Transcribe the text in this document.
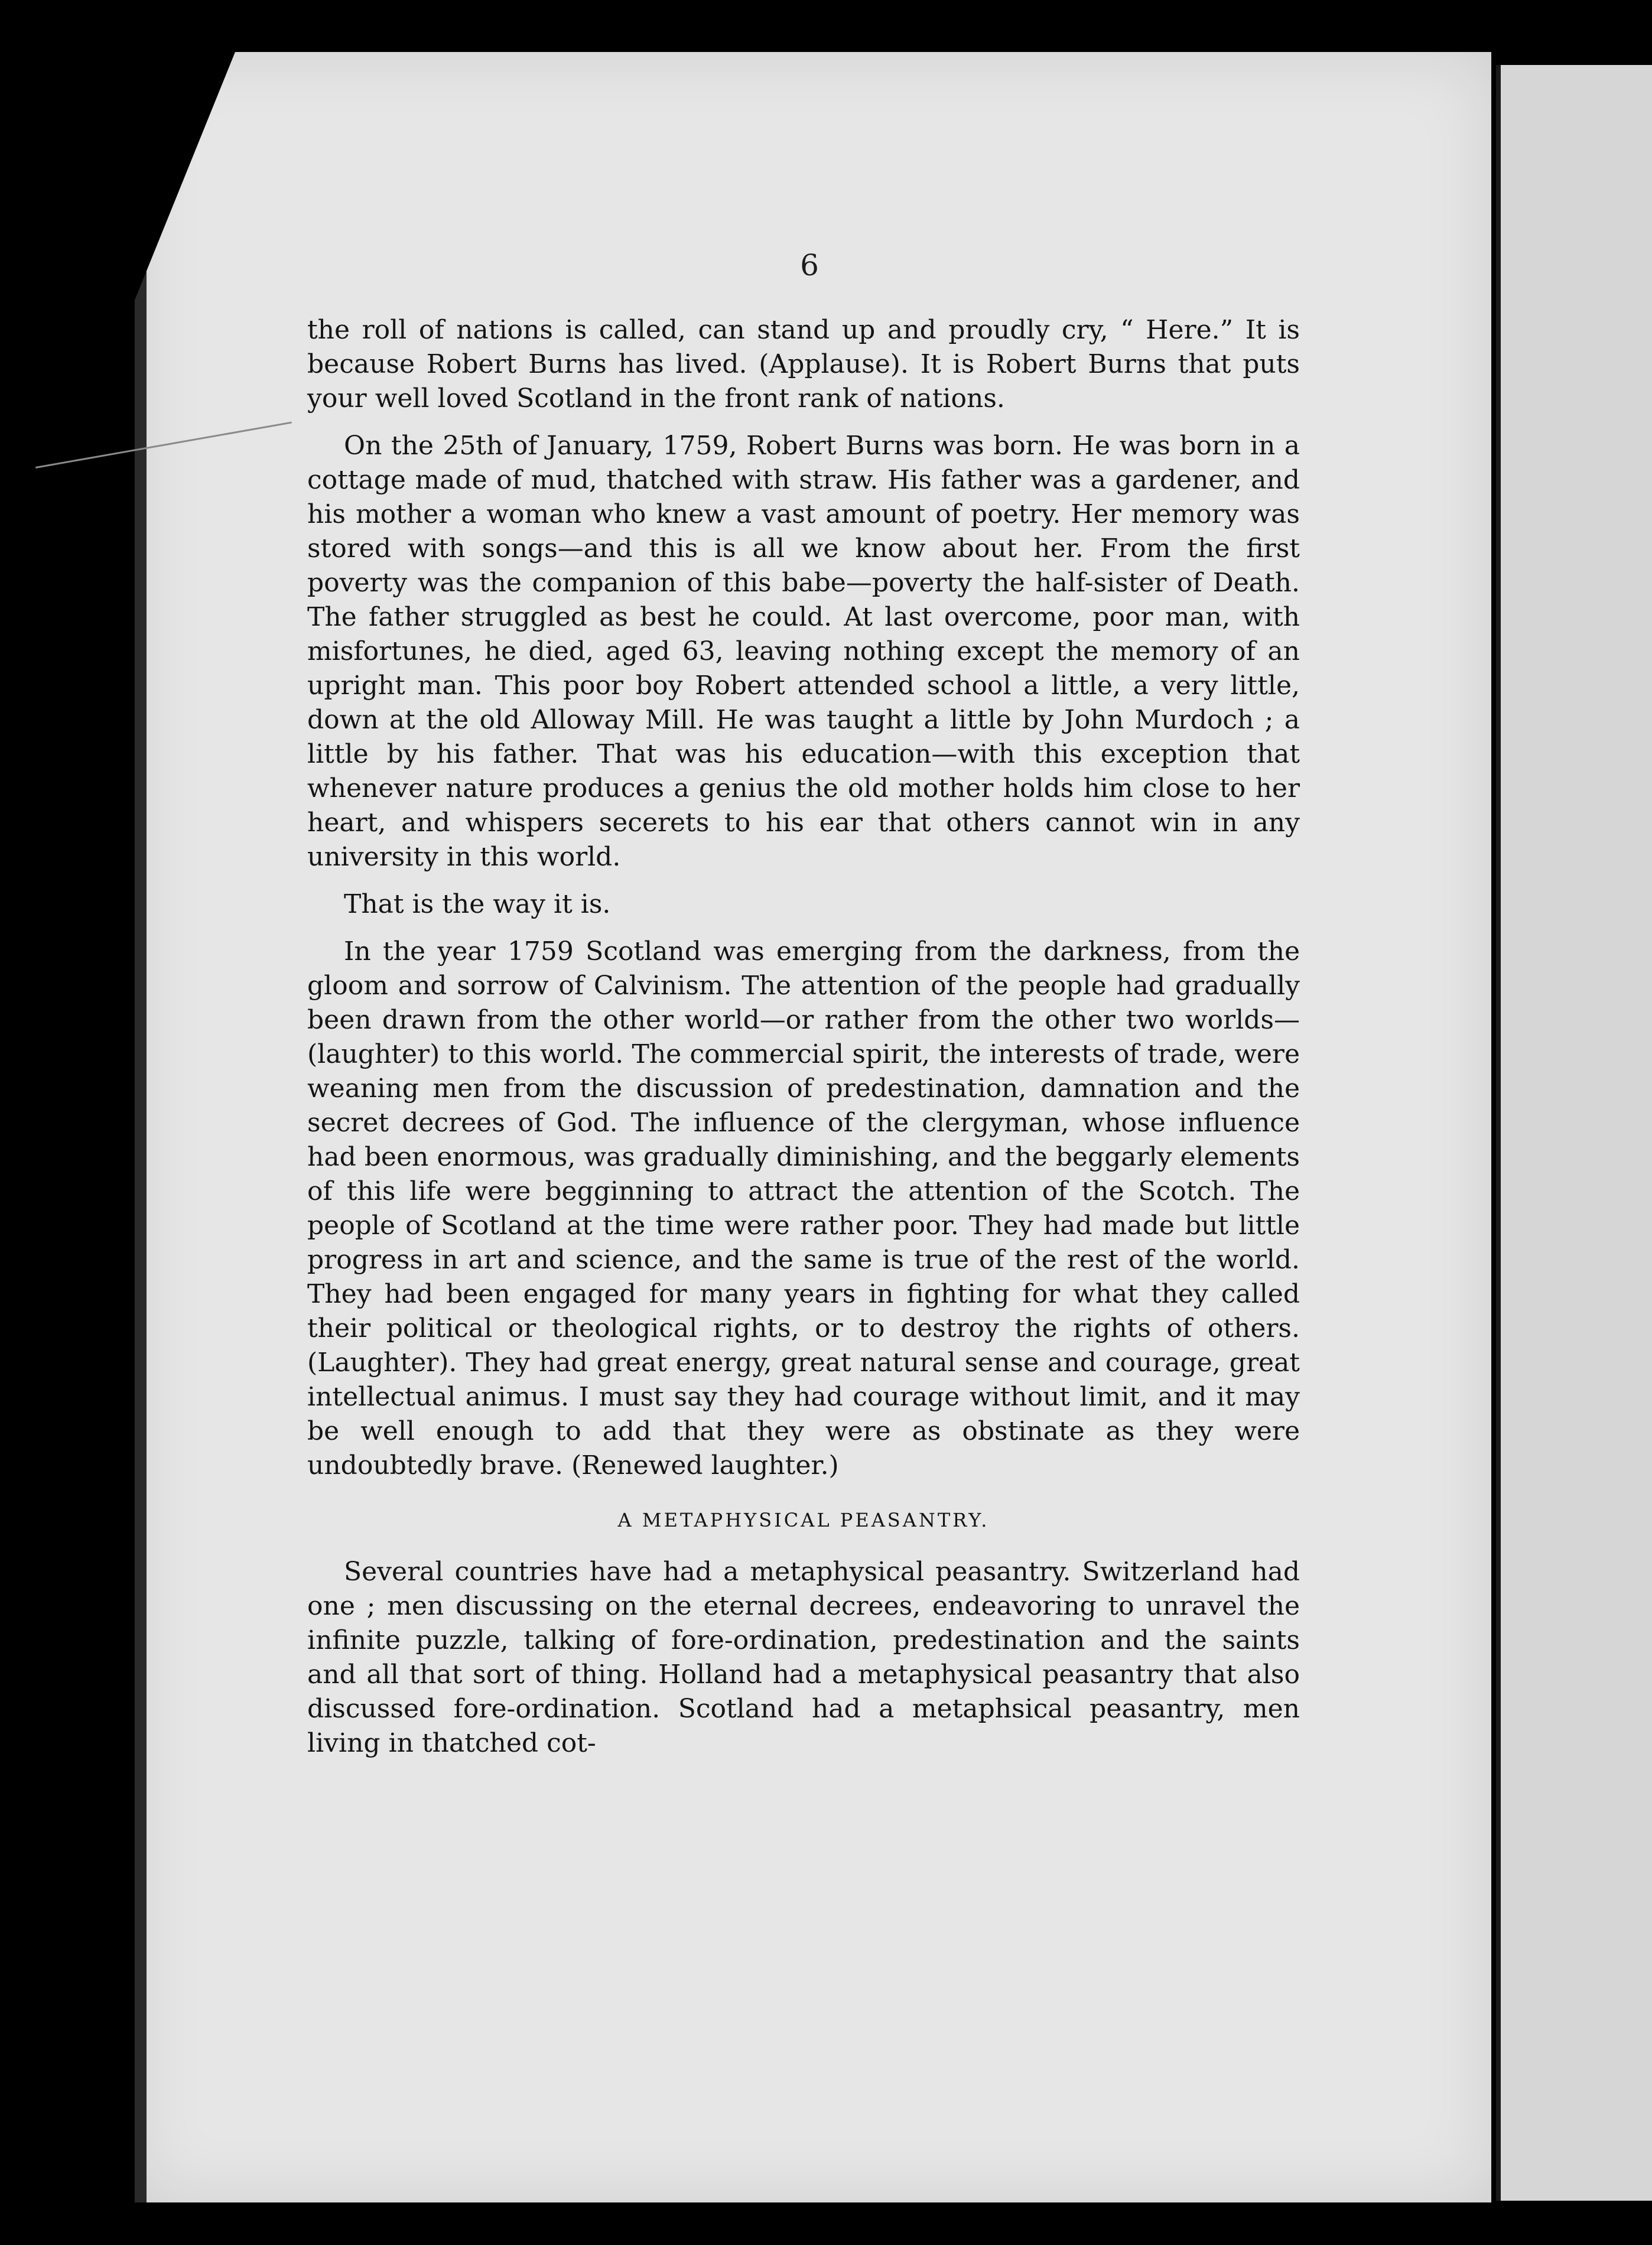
6

the roll of nations is called, can stand up and proudly cry, “ Here.” It is because Robert Burns has lived. (Applause). It is Robert Burns that puts your well loved Scotland in the front rank of nations.

On the 25th of January, 1759, Robert Burns was born. He was born in a cottage made of mud, thatched with straw. His father was a gardener, and his mother a woman who knew a vast amount of poetry. Her memory was stored with songs—and this is all we know about her. From the first poverty was the companion of this babe—poverty the half-sister of Death. The father struggled as best he could. At last overcome, poor man, with misfortunes, he died, aged 63, leaving nothing except the memory of an upright man. This poor boy Robert attended school a little, a very little, down at the old Alloway Mill. He was taught a little by John Murdoch ; a little by his father. That was his education—with this exception that whenever nature produces a genius the old mother holds him close to her heart, and whispers secerets to his ear that others cannot win in any university in this world.

That is the way it is.

In the year 1759 Scotland was emerging from the darkness, from the gloom and sorrow of Calvinism. The attention of the people had gradually been drawn from the other world—or rather from the other two worlds—(laughter) to this world. The commercial spirit, the interests of trade, were weaning men from the discussion of predestination, damnation and the secret decrees of God. The influence of the clergyman, whose influence had been enormous, was gradually diminishing, and the beggarly elements of this life were begginning to attract the attention of the Scotch. The people of Scotland at the time were rather poor. They had made but little progress in art and science, and the same is true of the rest of the world. They had been engaged for many years in fighting for what they called their political or theological rights, or to destroy the rights of others. (Laughter). They had great energy, great natural sense and courage, great intellectual animus. I must say they had courage without limit, and it may be well enough to add that they were as obstinate as they were undoubtedly brave. (Renewed laughter.)

A METAPHYSICAL PEASANTRY.

Several countries have had a metaphysical peasantry. Switzerland had one ; men discussing on the eternal decrees, endeavoring to unravel the infinite puzzle, talking of fore-ordination, predestination and the saints and all that sort of thing. Holland had a metaphysical peasantry that also discussed fore-ordination. Scotland had a metaphsical peasantry, men living in thatched cot-
